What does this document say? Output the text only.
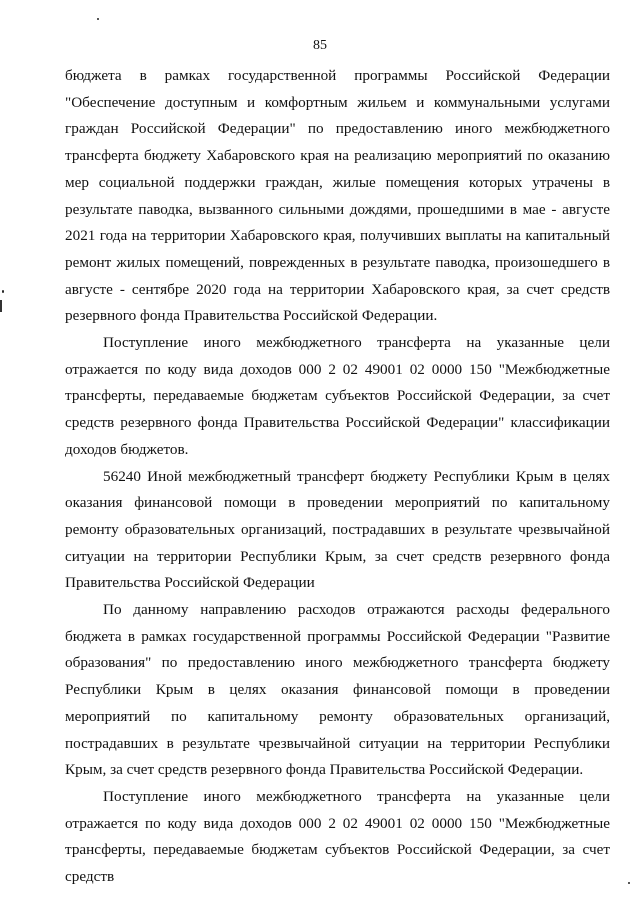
85

бюджета в рамках государственной программы Российской Федерации "Обеспечение доступным и комфортным жильем и коммунальными услугами граждан Российской Федерации" по предоставлению иного межбюджетного трансферта бюджету Хабаровского края на реализацию мероприятий по оказанию мер социальной поддержки граждан, жилые помещения которых утрачены в результате паводка, вызванного сильными дождями, прошедшими в мае - августе 2021 года на территории Хабаровского края, получивших выплаты на капитальный ремонт жилых помещений, поврежденных в результате паводка, произошедшего в августе - сентябре 2020 года на территории Хабаровского края, за счет средств резервного фонда Правительства Российской Федерации.

Поступление иного межбюджетного трансферта на указанные цели отражается по коду вида доходов 000 2 02 49001 02 0000 150 "Межбюджетные трансферты, передаваемые бюджетам субъектов Российской Федерации, за счет средств резервного фонда Правительства Российской Федерации" классификации доходов бюджетов.

56240 Иной межбюджетный трансферт бюджету Республики Крым в целях оказания финансовой помощи в проведении мероприятий по капитальному ремонту образовательных организаций, пострадавших в результате чрезвычайной ситуации на территории Республики Крым, за счет средств резервного фонда Правительства Российской Федерации

По данному направлению расходов отражаются расходы федерального бюджета в рамках государственной программы Российской Федерации "Развитие образования" по предоставлению иного межбюджетного трансферта бюджету Республики Крым в целях оказания финансовой помощи в проведении мероприятий по капитальному ремонту образовательных организаций, пострадавших в результате чрезвычайной ситуации на территории Республики Крым, за счет средств резервного фонда Правительства Российской Федерации.

Поступление иного межбюджетного трансферта на указанные цели отражается по коду вида доходов 000 2 02 49001 02 0000 150 "Межбюджетные трансферты, передаваемые бюджетам субъектов Российской Федерации, за счет средств
